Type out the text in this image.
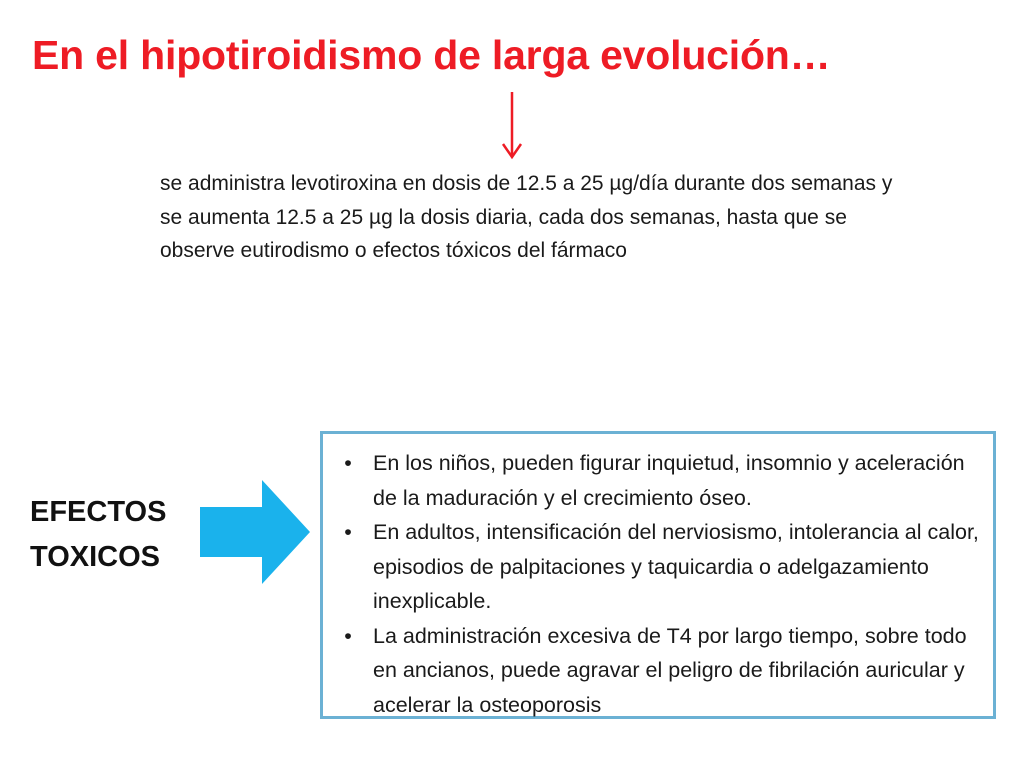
En el hipotiroidismo de larga evolución…

se administra levotiroxina en dosis de 12.5 a 25 µg/día durante dos semanas y se aumenta 12.5 a 25 µg la dosis diaria, cada dos semanas, hasta que se observe eutirodismo o efectos tóxicos del fármaco

EFECTOS
TOXICOS
• En los niños, pueden figurar inquietud, insomnio y aceleración de la maduración y el crecimiento óseo.
• En adultos, intensificación del nerviosismo, intolerancia al calor, episodios de palpitaciones y taquicardia o adelgazamiento inexplicable.
• La administración excesiva de T4 por largo tiempo, sobre todo en ancianos, puede agravar el peligro de fibrilación auricular y acelerar la osteoporosis
